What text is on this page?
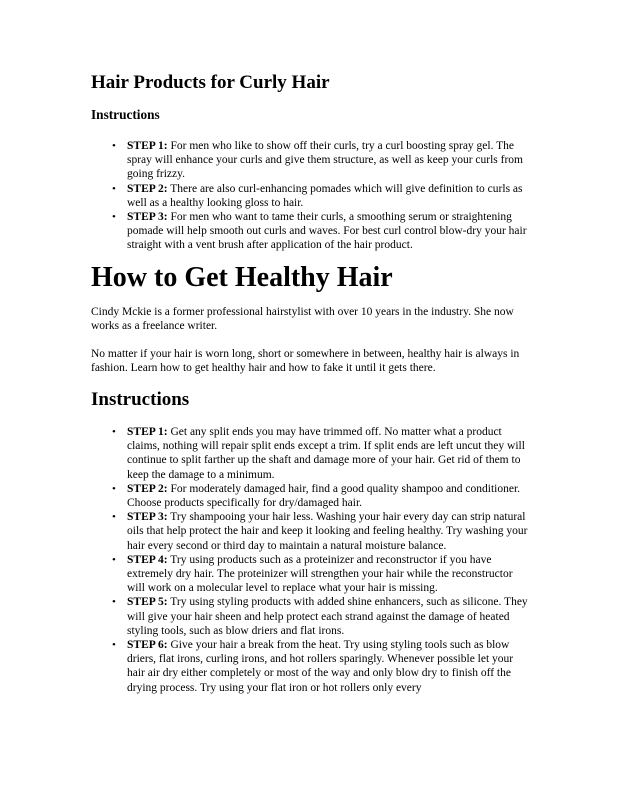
Hair Products for Curly Hair
Instructions
• STEP 1: For men who like to show off their curls, try a curl boosting spray gel. The spray will enhance your curls and give them structure, as well as keep your curls from going frizzy.
• STEP 2: There are also curl-enhancing pomades which will give definition to curls as well as a healthy looking gloss to hair.
• STEP 3: For men who want to tame their curls, a smoothing serum or straightening pomade will help smooth out curls and waves. For best curl control blow-dry your hair straight with a vent brush after application of the hair product.
How to Get Healthy Hair

Cindy Mckie is a former professional hairstylist with over 10 years in the industry. She now works as a freelance writer.

No matter if your hair is worn long, short or somewhere in between, healthy hair is always in fashion. Learn how to get healthy hair and how to fake it until it gets there.

Instructions
• STEP 1: Get any split ends you may have trimmed off. No matter what a product claims, nothing will repair split ends except a trim. If split ends are left uncut they will continue to split farther up the shaft and damage more of your hair. Get rid of them to keep the damage to a minimum.
• STEP 2: For moderately damaged hair, find a good quality shampoo and conditioner. Choose products specifically for dry/damaged hair.
• STEP 3: Try shampooing your hair less. Washing your hair every day can strip natural oils that help protect the hair and keep it looking and feeling healthy. Try washing your hair every second or third day to maintain a natural moisture balance.
• STEP 4: Try using products such as a proteinizer and reconstructor if you have extremely dry hair. The proteinizer will strengthen your hair while the reconstructor will work on a molecular level to replace what your hair is missing.
• STEP 5: Try using styling products with added shine enhancers, such as silicone. They will give your hair sheen and help protect each strand against the damage of heated styling tools, such as blow driers and flat irons.
• STEP 6: Give your hair a break from the heat. Try using styling tools such as blow driers, flat irons, curling irons, and hot rollers sparingly. Whenever possible let your hair air dry either completely or most of the way and only blow dry to finish off the drying process. Try using your flat iron or hot rollers only every
